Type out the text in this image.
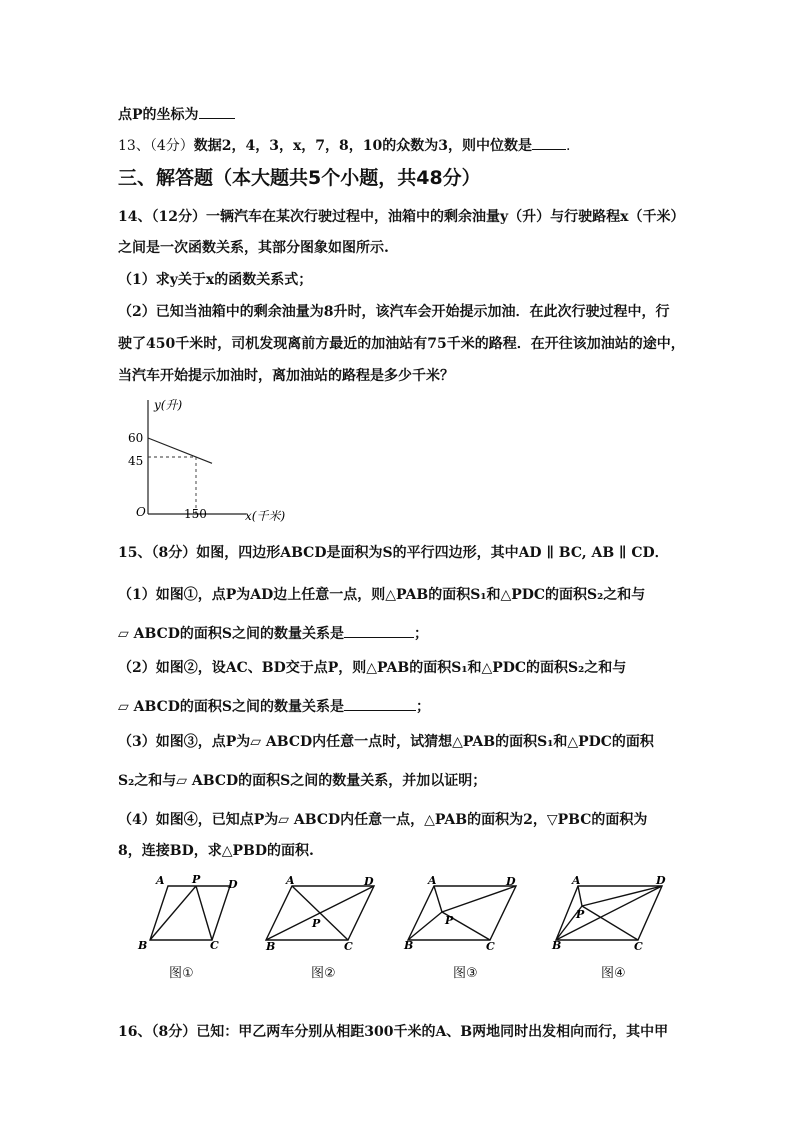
点P的坐标为
13、（4分）数据2，4，3，x，7，8，10的众数为3，则中位数是 .
三、解答题（本大题共5个小题，共48分）
14、（12分）一辆汽车在某次行驶过程中，油箱中的剩余油量y（升）与行驶路程x（千米）
之间是一次函数关系，其部分图象如图所示.
（1）求y关于x的函数关系式；
（2）已知当油箱中的剩余油量为8升时，该汽车会开始提示加油．在此次行驶过程中，行
驶了450千米时，司机发现离前方最近的加油站有75千米的路程．在开往该加油站的途中，
当汽车开始提示加油时，离加油站的路程是多少千米？
y(升)
x(千米)
O
60
45
150
15、（8分）如图，四边形ABCD是面积为S的平行四边形，其中AD ∥ BC, AB ∥ CD．
（1）如图①，点P为AD边上任意一点，则△PAB的面积S₁和△PDC的面积S₂之和与
▱ ABCD的面积S之间的数量关系是	；
（2）如图②，设AC、BD交于点P，则△PAB的面积S₁和△PDC的面积S₂之和与
▱ ABCD的面积S之间的数量关系是	；
（3）如图③，点P为▱ ABCD内任意一点时，试猜想△PAB的面积S₁和△PDC的面积
S₂之和与▱ ABCD的面积S之间的数量关系，并加以证明；
（4）如图④，已知点P为▱ ABCD内任意一点，△PAB的面积为2，▽PBC的面积为
8，连接BD，求△PBD的面积.
A P	D
B	C
图①
A	D
P
B	C
图②
A	D
P
B	C
图③
A	D
P
B	C
图④
16、（8分）已知：甲乙两车分别从相距300千米的A、B两地同时出发相向而行，其中甲
